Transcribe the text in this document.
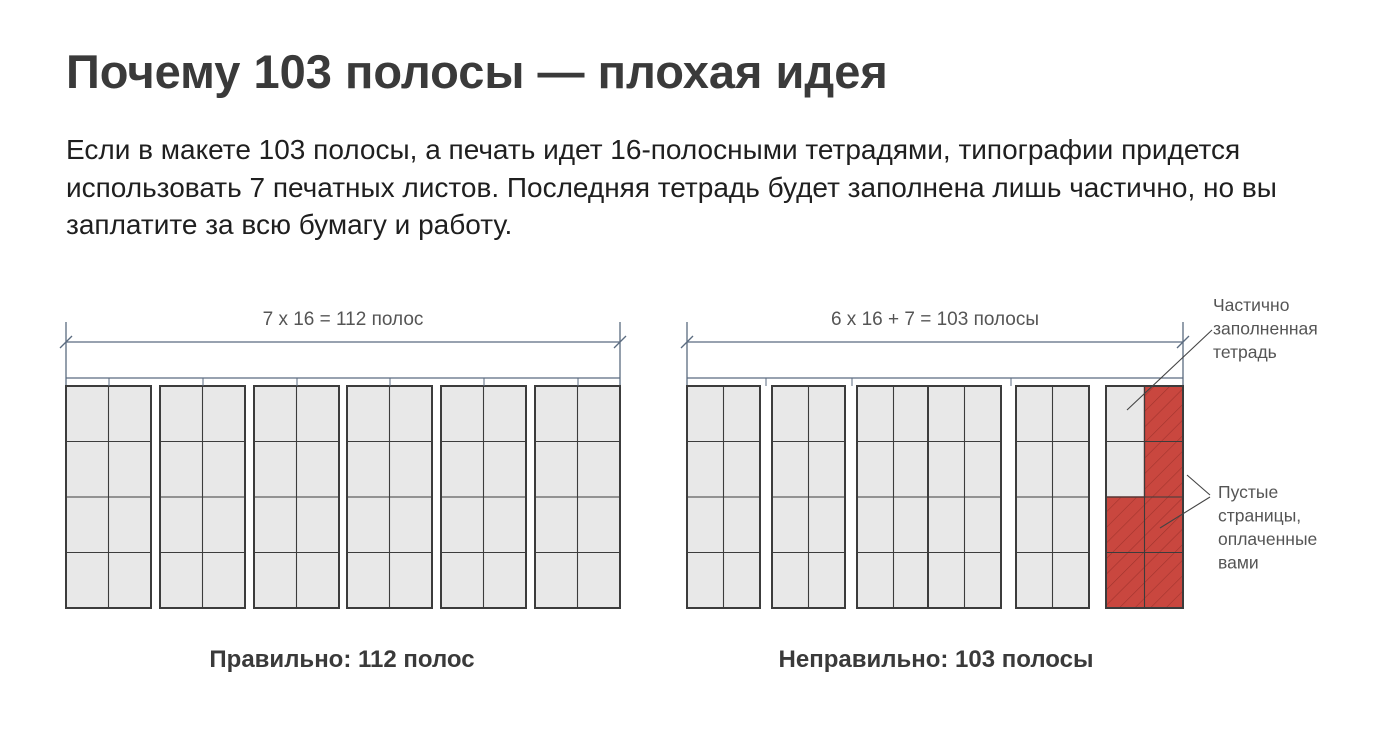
Почему 103 полосы — плохая идея

Если в макете 103 полосы, а печать идет 16-полосными тетрадями, типографии придется использовать 7 печатных листов. Последняя тетрадь будет заполнена лишь частично, но вы заплатите за всю бумагу и работу.

7 x 16 = 112 полос
Правильно: 112 полос
6 x 16 + 7 = 103 полосы
Неправильно: 103 полосы
Частично заполненная тетрадь
Пустые страницы, оплаченные вами
